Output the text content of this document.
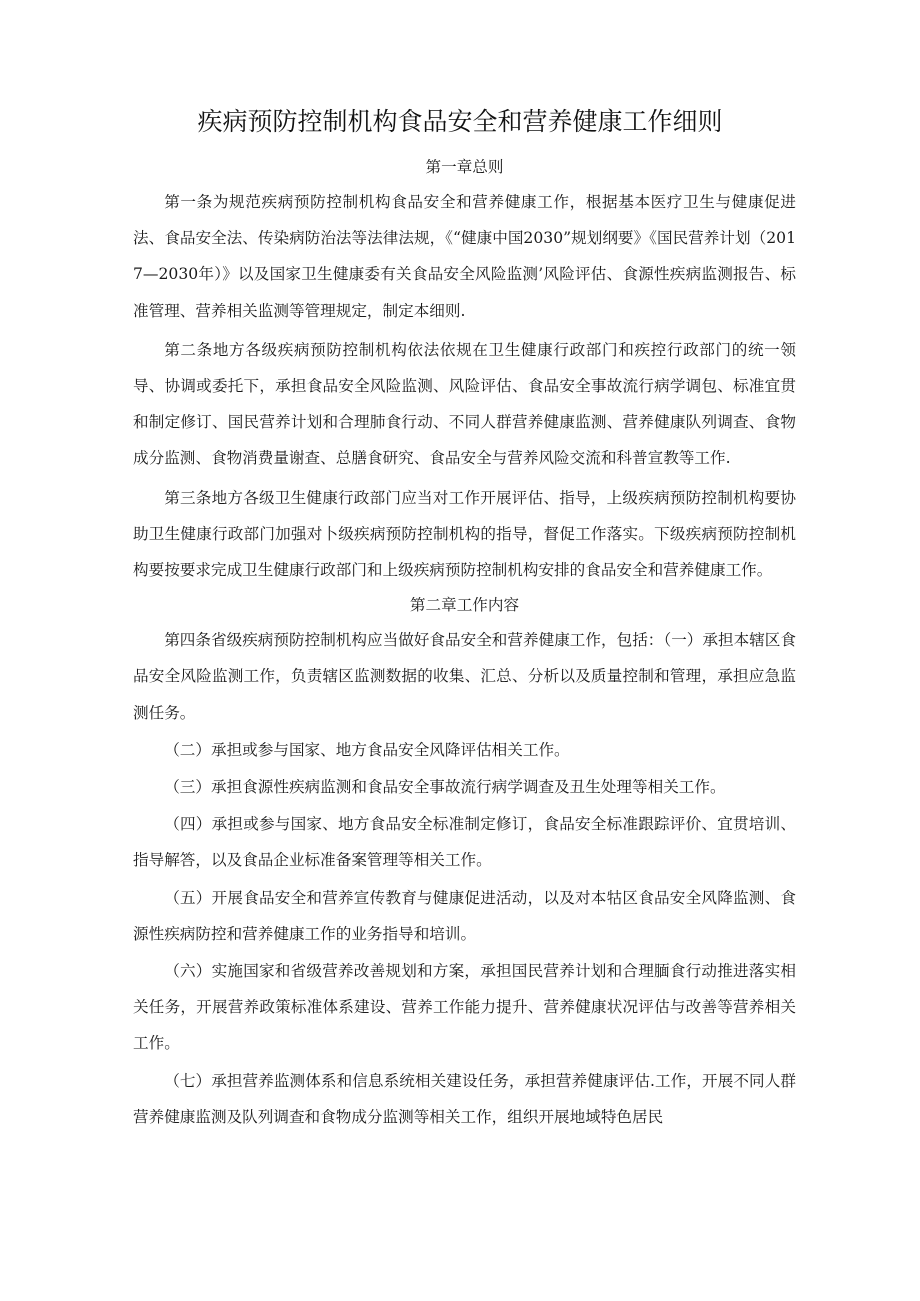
疾病预防控制机构食品安全和营养健康工作细则

第一章总则

第一条为规范疾病预防控制机构食品安全和营养健康工作，根据基本医疗卫生与健康促进法、食品安全法、传染病防治法等法律法规，《“健康中国2030”规划纲要》《国民营养计划（2017—2030年）》以及国家卫生健康委有关食品安全风险监测’风险评估、食源性疾病监测报告、标准管理、营养相关监测等管理规定，制定本细则.

第二条地方各级疾病预防控制机构依法依规在卫生健康行政部门和疾控行政部门的统一领导、协调或委托下，承担食品安全风险监测、风险评估、食品安全事故流行病学调包、标准宜贯和制定修订、国民营养计划和合理肺食行动、不同人群营养健康监测、营养健康队列调查、食物成分监测、食物消费量谢查、总膳食研究、食品安全与营养风险交流和科普宣教等工作.

第三条地方各级卫生健康行政部门应当对工作开展评估、指导，上级疾病预防控制机构要协助卫生健康行政部门加强对卜级疾病预防控制机构的指导，督促工作落实。下级疾病预防控制机构要按要求完成卫生健康行政部门和上级疾病预防控制机构安排的食品安全和营养健康工作。

第二章工作内容

第四条省级疾病预防控制机构应当做好食品安全和营养健康工作，包括：（一）承担本辖区食品安全风险监测工作，负责辖区监测数据的收集、汇总、分析以及质量控制和管理，承担应急监测任务。

（二）承担或参与国家、地方食品安全风降评估相关工作。

（三）承担食源性疾病监测和食品安全事故流行病学调查及丑生处理等相关工作。

（四）承担或参与国家、地方食品安全标准制定修订，食品安全标准跟踪评价、宜贯培训、指导解答，以及食品企业标准备案管理等相关工作。

（五）开展食品安全和营养宣传教育与健康促进活动，以及对本牯区食品安全风降监测、食源性疾病防控和营养健康工作的业务指导和培训。

（六）实施国家和省级营养改善规划和方案，承担国民营养计划和合理腼食行动推进落实相关任务，开展营养政策标准体系建设、营养工作能力提升、营养健康状况评估与改善等营养相关工作。

（七）承担营养监测体系和信息系统相关建设任务，承担营养健康评估.工作，开展不同人群营养健康监测及队列调查和食物成分监测等相关工作，组织开展地域特色居民
